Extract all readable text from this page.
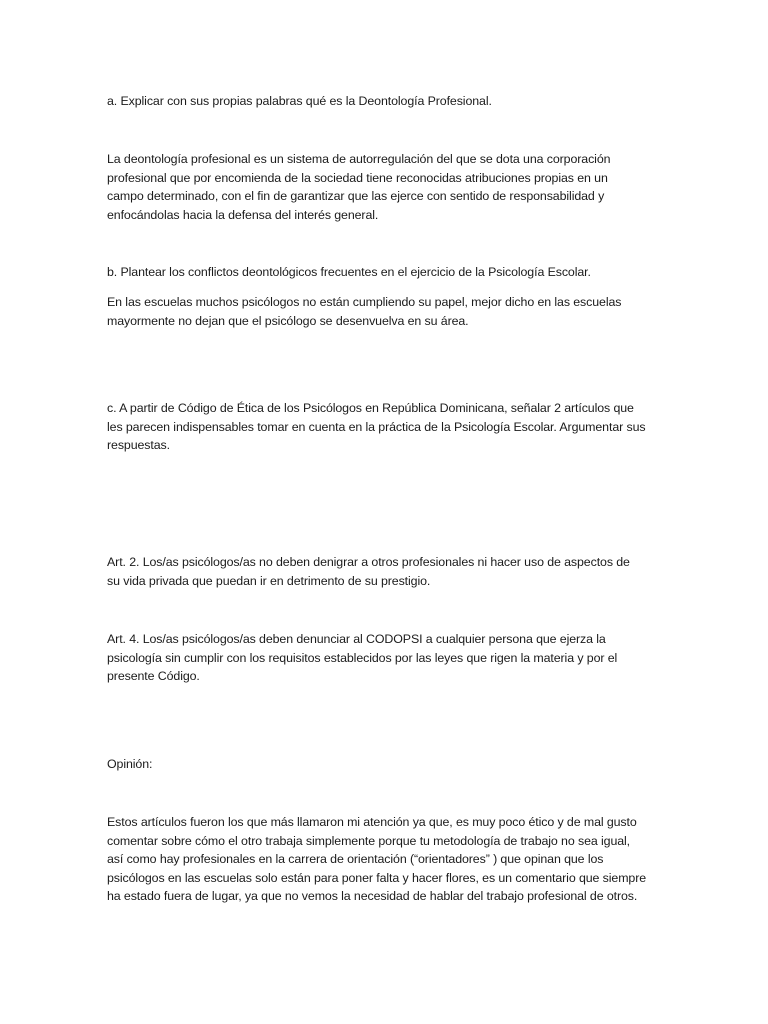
a. Explicar con sus propias palabras qué es la Deontología Profesional.

La deontología profesional es un sistema de autorregulación del que se dota una corporación
profesional que por encomienda de la sociedad tiene reconocidas atribuciones propias en un
campo determinado, con el fin de garantizar que las ejerce con sentido de responsabilidad y
enfocándolas hacia la defensa del interés general.

b. Plantear los conflictos deontológicos frecuentes en el ejercicio de la Psicología Escolar.

En las escuelas muchos psicólogos no están cumpliendo su papel, mejor dicho en las escuelas
mayormente no dejan que el psicólogo se desenvuelva en su área.

c. A partir de Código de Ética de los Psicólogos en República Dominicana, señalar 2 artículos que
les parecen indispensables tomar en cuenta en la práctica de la Psicología Escolar. Argumentar sus
respuestas.

Art. 2. Los/as psicólogos/as no deben denigrar a otros profesionales ni hacer uso de aspectos de
su vida privada que puedan ir en detrimento de su prestigio.

Art. 4. Los/as psicólogos/as deben denunciar al CODOPSI a cualquier persona que ejerza la
psicología sin cumplir con los requisitos establecidos por las leyes que rigen la materia y por el
presente Código.

Opinión:

Estos artículos fueron los que más llamaron mi atención ya que, es muy poco ético y de mal gusto
comentar sobre cómo el otro trabaja simplemente porque tu metodología de trabajo no sea igual,
así como hay profesionales en la carrera de orientación (“orientadores” ) que opinan que los
psicólogos en las escuelas solo están para poner falta y hacer flores, es un comentario que siempre
ha estado fuera de lugar, ya que no vemos la necesidad de hablar del trabajo profesional de otros.
